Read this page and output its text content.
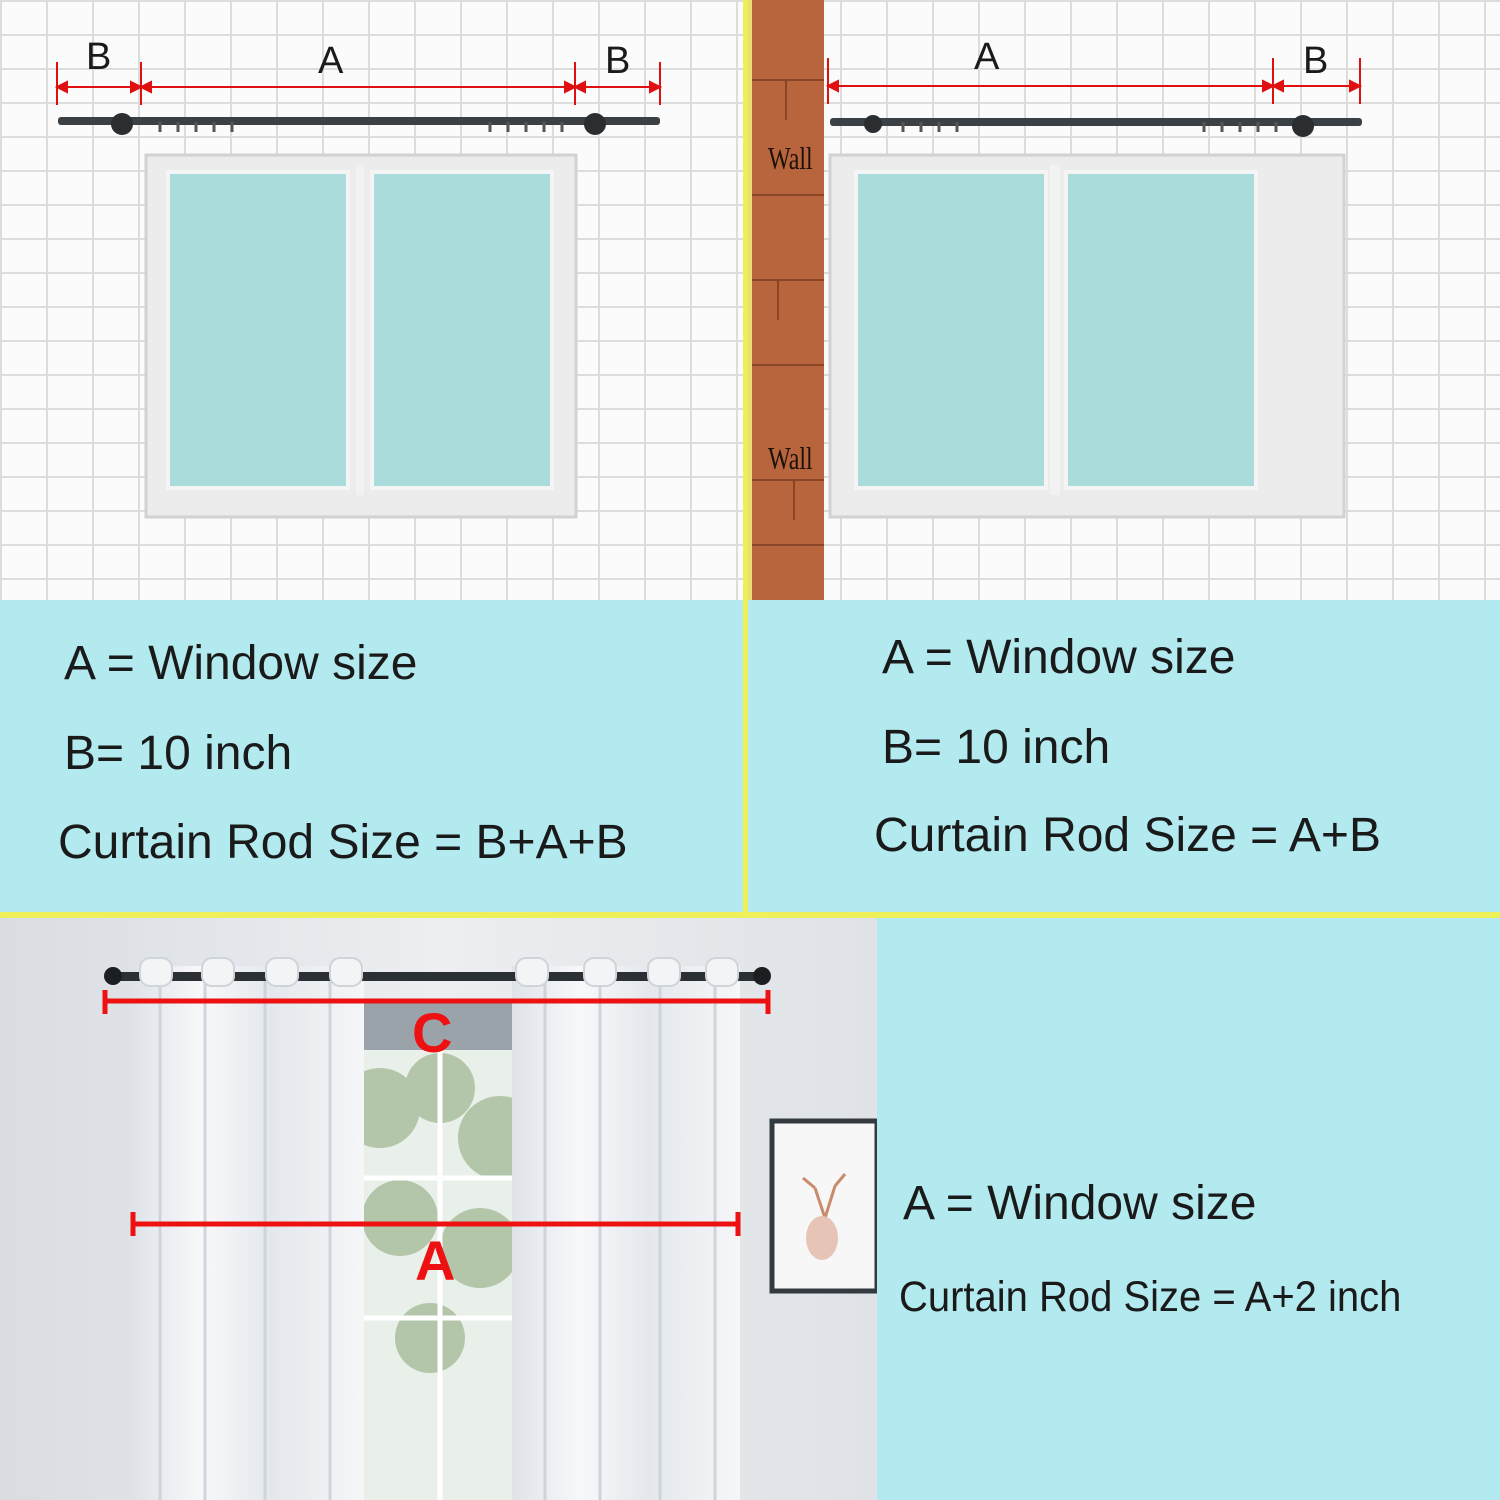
B	A	B	A	B
Wall
Wall
A = Window size
B= 10 inch
Curtain Rod Size = B+A+B
A = Window size
B= 10 inch
Curtain Rod Size = A+B
C
A
A = Window size
Curtain Rod Size = A+2 inch
